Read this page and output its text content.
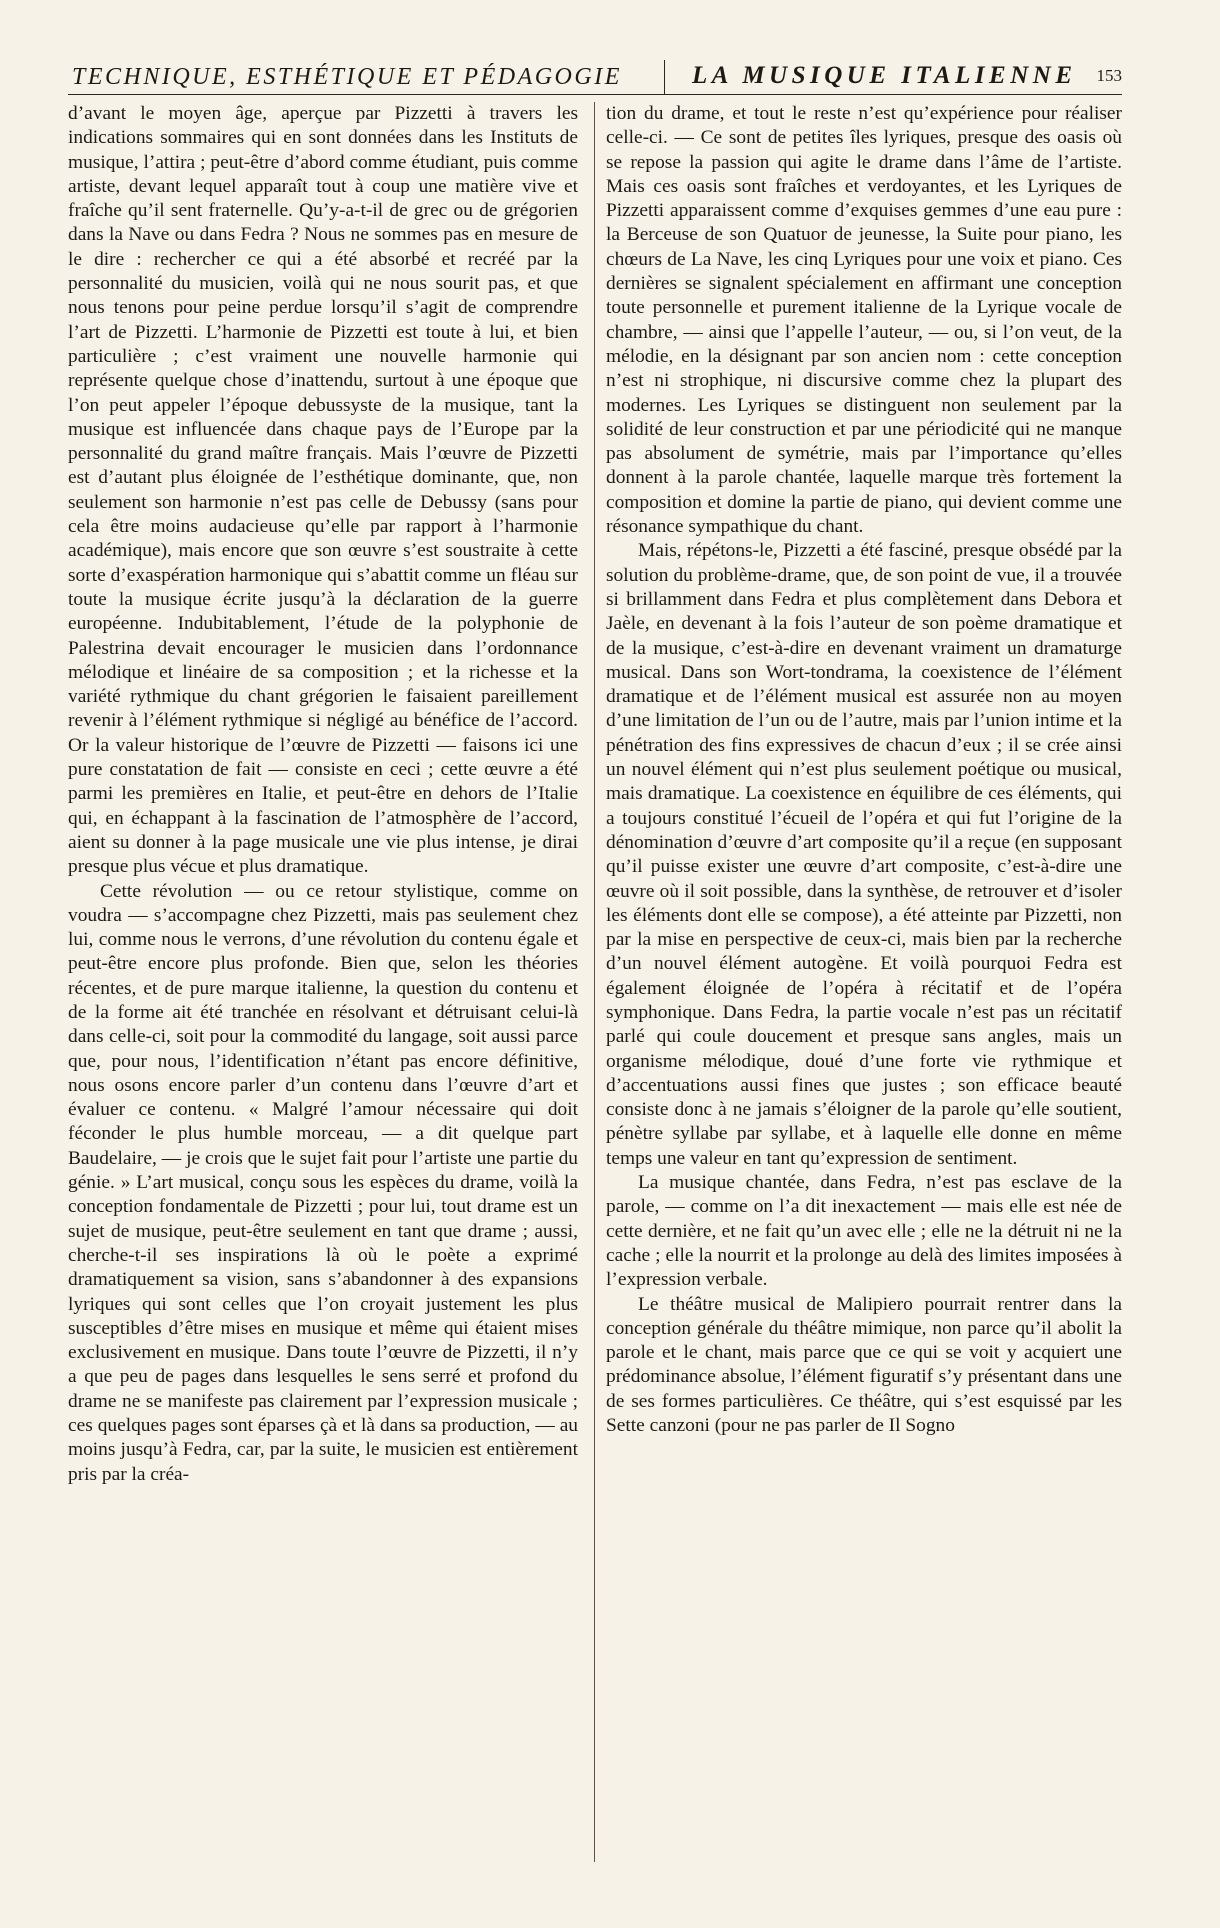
TECHNIQUE, ESTHÉTIQUE ET PÉDAGOGIE	LA MUSIQUE ITALIENNE 153

d’avant le moyen âge, aperçue par Pizzetti à travers les indications sommaires qui en sont données dans les Instituts de musique, l’attira ; peut-être d’abord comme étudiant, puis comme artiste, devant lequel apparaît tout à coup une matière vive et fraîche qu’il sent fraternelle. Qu’y-a-t-il de grec ou de grégorien dans la Nave ou dans Fedra ? Nous ne sommes pas en mesure de le dire : rechercher ce qui a été absorbé et recréé par la personnalité du musicien, voilà qui ne nous sourit pas, et que nous tenons pour peine perdue lorsqu’il s’agit de comprendre l’art de Pizzetti. L’harmonie de Pizzetti est toute à lui, et bien particulière ; c’est vraiment une nouvelle harmonie qui représente quelque chose d’inattendu, surtout à une époque que l’on peut appeler l’époque debussyste de la musique, tant la musique est influencée dans chaque pays de l’Europe par la personnalité du grand maître français. Mais l’œuvre de Pizzetti est d’autant plus éloignée de l’esthétique dominante, que, non seulement son harmonie n’est pas celle de Debussy (sans pour cela être moins audacieuse qu’elle par rapport à l’harmonie académique), mais encore que son œuvre s’est soustraite à cette sorte d’exaspération harmonique qui s’abattit comme un fléau sur toute la musique écrite jusqu’à la déclaration de la guerre européenne. Indubitablement, l’étude de la polyphonie de Palestrina devait encourager le musicien dans l’ordonnance mélodique et linéaire de sa composition ; et la richesse et la variété rythmique du chant grégorien le faisaient pareillement revenir à l’élément rythmique si négligé au bénéfice de l’accord. Or la valeur historique de l’œuvre de Pizzetti — faisons ici une pure constatation de fait — consiste en ceci ; cette œuvre a été parmi les premières en Italie, et peut-être en dehors de l’Italie qui, en échappant à la fascination de l’atmosphère de l’accord, aient su donner à la page musicale une vie plus intense, je dirai presque plus vécue et plus dramatique.

Cette révolution — ou ce retour stylistique, comme on voudra — s’accompagne chez Pizzetti, mais pas seulement chez lui, comme nous le verrons, d’une révolution du contenu égale et peut-être encore plus profonde. Bien que, selon les théories récentes, et de pure marque italienne, la question du contenu et de la forme ait été tranchée en résolvant et détruisant celui-là dans celle-ci, soit pour la commodité du langage, soit aussi parce que, pour nous, l’identification n’étant pas encore définitive, nous osons encore parler d’un contenu dans l’œuvre d’art et évaluer ce contenu. « Malgré l’amour nécessaire qui doit féconder le plus humble morceau, — a dit quelque part Baudelaire, — je crois que le sujet fait pour l’artiste une partie du génie. » L’art musical, conçu sous les espèces du drame, voilà la conception fondamentale de Pizzetti ; pour lui, tout drame est un sujet de musique, peut-être seulement en tant que drame ; aussi, cherche-t-il ses inspirations là où le poète a exprimé dramatiquement sa vision, sans s’abandonner à des expansions lyriques qui sont celles que l’on croyait justement les plus susceptibles d’être mises en musique et même qui étaient mises exclusivement en musique. Dans toute l’œuvre de Pizzetti, il n’y a que peu de pages dans lesquelles le sens serré et profond du drame ne se manifeste pas clairement par l’expression musicale ; ces quelques pages sont éparses çà et là dans sa production, — au moins jusqu’à Fedra, car, par la suite, le musicien est entièrement pris par la créa-

tion du drame, et tout le reste n’est qu’expérience pour réaliser celle-ci. — Ce sont de petites îles lyriques, presque des oasis où se repose la passion qui agite le drame dans l’âme de l’artiste. Mais ces oasis sont fraîches et verdoyantes, et les Lyriques de Pizzetti apparaissent comme d’exquises gemmes d’une eau pure : la Berceuse de son Quatuor de jeunesse, la Suite pour piano, les chœurs de La Nave, les cinq Lyriques pour une voix et piano. Ces dernières se signalent spécialement en affirmant une conception toute personnelle et purement italienne de la Lyrique vocale de chambre, — ainsi que l’appelle l’auteur, — ou, si l’on veut, de la mélodie, en la désignant par son ancien nom : cette conception n’est ni strophique, ni discursive comme chez la plupart des modernes. Les Lyriques se distinguent non seulement par la solidité de leur construction et par une périodicité qui ne manque pas absolument de symétrie, mais par l’importance qu’elles donnent à la parole chantée, laquelle marque très fortement la composition et domine la partie de piano, qui devient comme une résonance sympathique du chant.

Mais, répétons-le, Pizzetti a été fasciné, presque obsédé par la solution du problème-drame, que, de son point de vue, il a trouvée si brillamment dans Fedra et plus complètement dans Debora et Jaèle, en devenant à la fois l’auteur de son poème dramatique et de la musique, c’est-à-dire en devenant vraiment un dramaturge musical. Dans son Wort-tondrama, la coexistence de l’élément dramatique et de l’élément musical est assurée non au moyen d’une limitation de l’un ou de l’autre, mais par l’union intime et la pénétration des fins expressives de chacun d’eux ; il se crée ainsi un nouvel élément qui n’est plus seulement poétique ou musical, mais dramatique. La coexistence en équilibre de ces éléments, qui a toujours constitué l’écueil de l’opéra et qui fut l’origine de la dénomination d’œuvre d’art composite qu’il a reçue (en supposant qu’il puisse exister une œuvre d’art composite, c’est-à-dire une œuvre où il soit possible, dans la synthèse, de retrouver et d’isoler les éléments dont elle se compose), a été atteinte par Pizzetti, non par la mise en perspective de ceux-ci, mais bien par la recherche d’un nouvel élément autogène. Et voilà pourquoi Fedra est également éloignée de l’opéra à récitatif et de l’opéra symphonique. Dans Fedra, la partie vocale n’est pas un récitatif parlé qui coule doucement et presque sans angles, mais un organisme mélodique, doué d’une forte vie rythmique et d’accentuations aussi fines que justes ; son efficace beauté consiste donc à ne jamais s’éloigner de la parole qu’elle soutient, pénètre syllabe par syllabe, et à laquelle elle donne en même temps une valeur en tant qu’expression de sentiment.

La musique chantée, dans Fedra, n’est pas esclave de la parole, — comme on l’a dit inexactement — mais elle est née de cette dernière, et ne fait qu’un avec elle ; elle ne la détruit ni ne la cache ; elle la nourrit et la prolonge au delà des limites imposées à l’expression verbale.

Le théâtre musical de Malipiero pourrait rentrer dans la conception générale du théâtre mimique, non parce qu’il abolit la parole et le chant, mais parce que ce qui se voit y acquiert une prédominance absolue, l’élément figuratif s’y présentant dans une de ses formes particulières. Ce théâtre, qui s’est esquissé par les Sette canzoni (pour ne pas parler de Il Sogno
